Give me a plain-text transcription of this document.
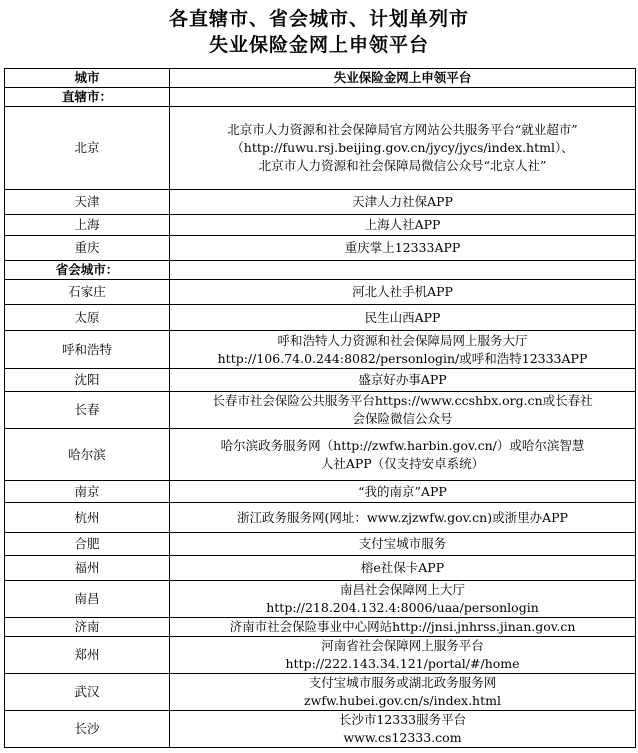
各直辖市、省会城市、计划单列市
失业保险金网上申领平台
城市	失业保险金网上申领平台
直辖市：	
北京	北京市人力资源和社会保障局官方网站公共服务平台“就业超市”
（http://fuwu.rsj.beijing.gov.cn/jycy/jycs/index.html）、
北京市人力资源和社会保障局微信公众号“北京人社”

天津	天津人力社保APP

上海	上海人社APP

重庆	重庆掌上12333APP

省会城市：	
石家庄	河北人社手机APP

太原	民生山西APP

呼和浩特	呼和浩特人力资源和社会保障局网上服务大厅
http://106.74.0.244:8082/personlogin/或呼和浩特12333APP

沈阳	盛京好办事APP

长春	长春市社会保险公共服务平台https://www.ccshbx.org.cn或长春社
会保险微信公众号

哈尔滨	哈尔滨政务服务网（http://zwfw.harbin.gov.cn/）或哈尔滨智慧
人社APP（仅支持安卓系统）

南京	“我的南京”APP

杭州	浙江政务服务网(网址：www.zjzwfw.gov.cn)或浙里办APP

合肥	支付宝城市服务

福州	榕e社保卡APP

南昌	南昌社会保障网上大厅
http://218.204.132.4:8006/uaa/personlogin

济南	济南市社会保险事业中心网站http://jnsi.jnhrss.jinan.gov.cn

郑州	河南省社会保障网上服务平台
http://222.143.34.121/portal/#/home

武汉	支付宝城市服务或湖北政务服务网
zwfw.hubei.gov.cn/s/index.html

长沙	长沙市12333服务平台
www.cs12333.com
